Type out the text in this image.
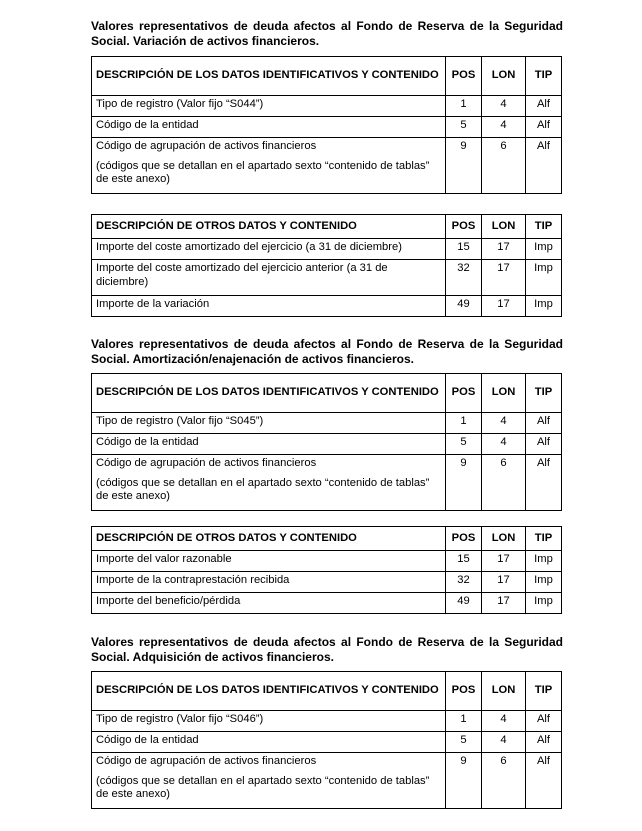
Valores representativos de deuda afectos al Fondo de Reserva de la Seguridad Social. Variación de activos financieros.
DESCRIPCIÓN DE LOS DATOS IDENTIFICATIVOS Y CONTENIDO	POS	LON	TIP
Tipo de registro (Valor fijo “S044”)	1	4	Alf
Código de la entidad	5	4	Alf
Código de agrupación de activos financieros
(códigos que se detallan en el apartado sexto “contenido de tablas” de este anexo)	9	6	Alf
DESCRIPCIÓN DE OTROS DATOS Y CONTENIDO	POS	LON	TIP
Importe del coste amortizado del ejercicio (a 31 de diciembre)	15	17	Imp
Importe del coste amortizado del ejercicio anterior (a 31 de diciembre)	32	17	Imp
Importe de la variación	49	17	Imp
Valores representativos de deuda afectos al Fondo de Reserva de la Seguridad Social. Amortización/enajenación de activos financieros.
DESCRIPCIÓN DE LOS DATOS IDENTIFICATIVOS Y CONTENIDO	POS	LON	TIP
Tipo de registro (Valor fijo “S045”)	1	4	Alf
Código de la entidad	5	4	Alf
Código de agrupación de activos financieros
(códigos que se detallan en el apartado sexto “contenido de tablas” de este anexo)	9	6	Alf
DESCRIPCIÓN DE OTROS DATOS Y CONTENIDO	POS	LON	TIP
Importe del valor razonable	15	17	Imp
Importe de la contraprestación recibida	32	17	Imp
Importe del beneficio/pérdida	49	17	Imp
Valores representativos de deuda afectos al Fondo de Reserva de la Seguridad Social. Adquisición de activos financieros.
DESCRIPCIÓN DE LOS DATOS IDENTIFICATIVOS Y CONTENIDO	POS	LON	TIP
Tipo de registro (Valor fijo “S046”)	1	4	Alf
Código de la entidad	5	4	Alf
Código de agrupación de activos financieros
(códigos que se detallan en el apartado sexto “contenido de tablas” de este anexo)	9	6	Alf
